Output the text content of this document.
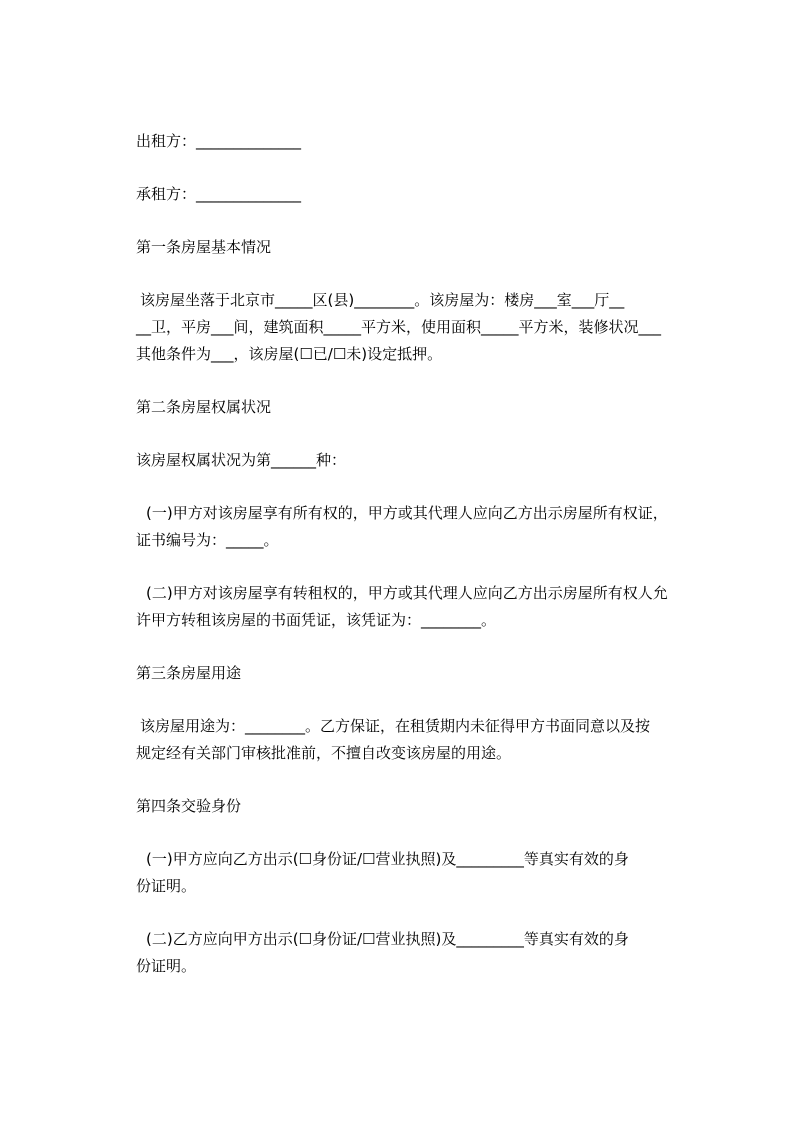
出租方：______________
承租方：______________
第一条房屋基本情况
该房屋坐落于北京市_____区(县)________。该房屋为：楼房___室___厅__
__卫，平房___间，建筑面积_____平方米，使用面积_____平方米，装修状况___
其他条件为___，该房屋(☐已/☐未)设定抵押。
第二条房屋权属状况
该房屋权属状况为第______种：
(一)甲方对该房屋享有所有权的，甲方或其代理人应向乙方出示房屋所有权证，
证书编号为：_____。
(二)甲方对该房屋享有转租权的，甲方或其代理人应向乙方出示房屋所有权人允
许甲方转租该房屋的书面凭证，该凭证为：________。
第三条房屋用途
该房屋用途为：________。乙方保证，在租赁期内未征得甲方书面同意以及按
规定经有关部门审核批准前，不擅自改变该房屋的用途。
第四条交验身份
(一)甲方应向乙方出示(☐身份证/☐营业执照)及_________等真实有效的身
份证明。
(二)乙方应向甲方出示(☐身份证/☐营业执照)及_________等真实有效的身
份证明。
